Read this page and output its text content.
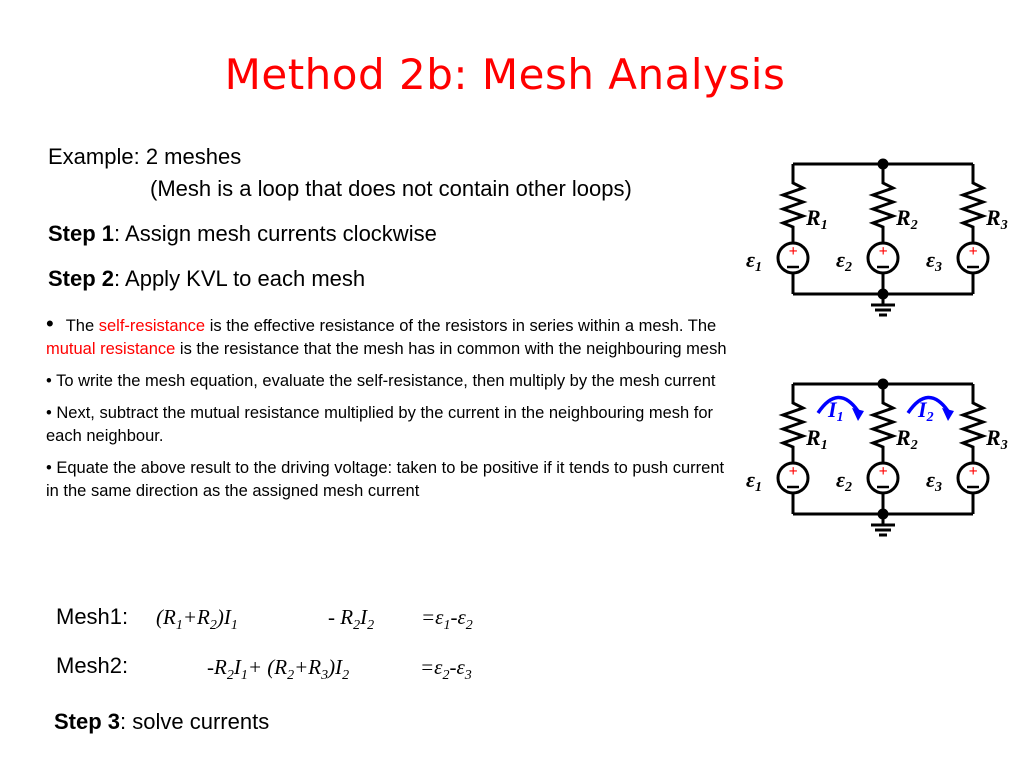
Method 2b: Mesh Analysis
Example: 2 meshes
(Mesh is a loop that does not contain other loops)
Step 1: Assign mesh currents clockwise
Step 2: Apply KVL to each mesh

• The self-resistance is the effective resistance of the resistors in series within a mesh. The mutual resistance is the resistance that the mesh has in common with the neighbouring mesh

• To write the mesh equation, evaluate the self-resistance, then multiply by the mesh current

• Next, subtract the mutual resistance multiplied by the current in the neighbouring mesh for each neighbour.

• Equate the above result to the driving voltage: taken to be positive if it tends to push current in the same direction as the assigned mesh current

Mesh1: $(R_1+R_2)I_1$	- $R_2I_2 =\varepsilon_1-\varepsilon_2$
Mesh2:	$-R_2I_1+ (R_2+R_3)I_2$	$=\varepsilon_2-\varepsilon_3$
Step 3: solve currents
+	+	+
R1	R2	R3
ε1	ε2	ε3
+	+	+
R1	R2	R3
ε1	ε2	ε3
I1	I2
